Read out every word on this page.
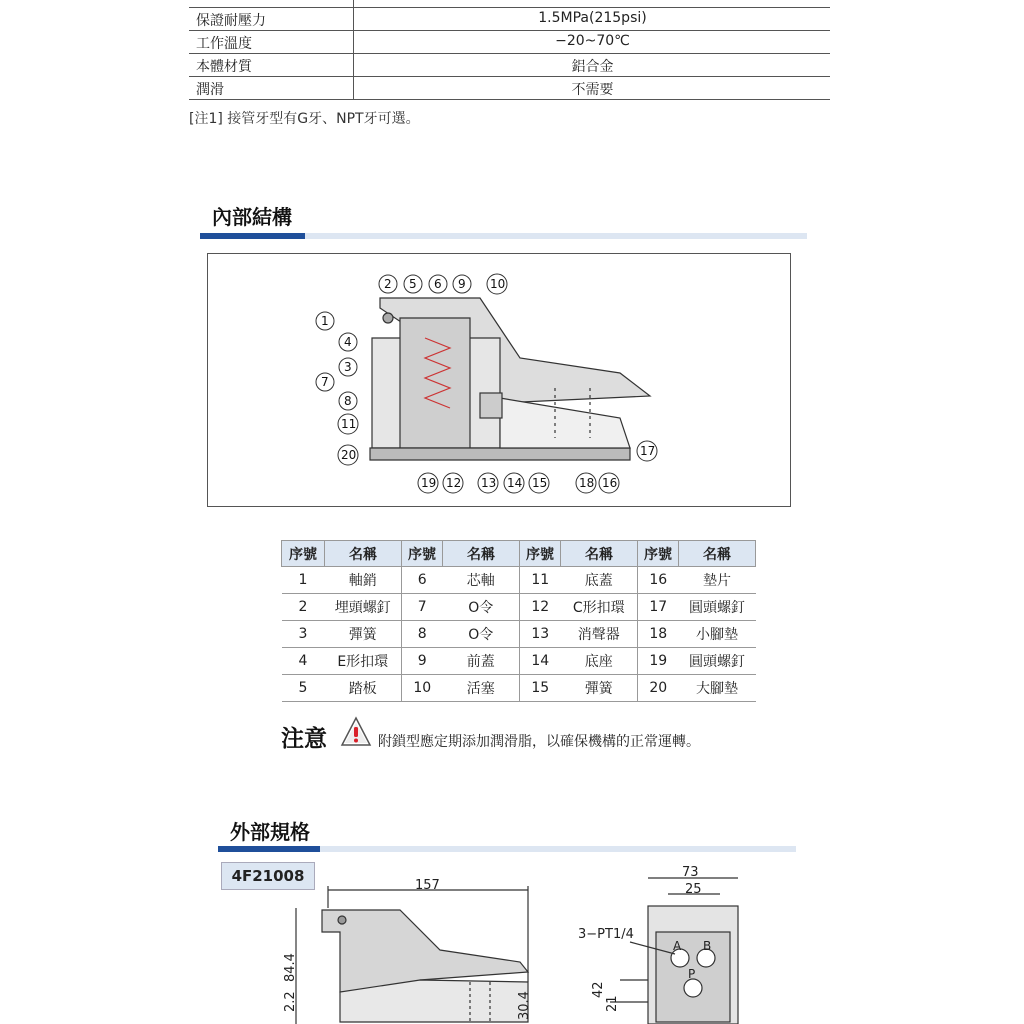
保證耐壓力	1.5MPa(215psi)
工作溫度	−20~70℃
本體材質	鋁合金
潤滑	不需要
[注1] 接管牙型有G牙、NPT牙可選。
內部結構
2 5 6 9 10
1
4
3
7
8
11
20
19 12 13 14 15	18 16
17
序號	名稱	序號	名稱	序號	名稱	序號	名稱
1	軸銷	6	芯軸	11	底蓋	16	墊片
2	埋頭螺釘	7	O令	12	C形扣環	17	圓頭螺釘
3	彈簧	8	O令	13	消聲器	18	小腳墊
4	E形扣環	9	前蓋	14	底座	19	圓頭螺釘
5	踏板	10	活塞	15	彈簧	20	大腳墊
注意	附鎖型應定期添加潤滑脂，以確保機構的正常運轉。
外部規格
4F21008
157
84.4
2.2	30.4
73
25
3−PT1/4
A B
P
42
21
